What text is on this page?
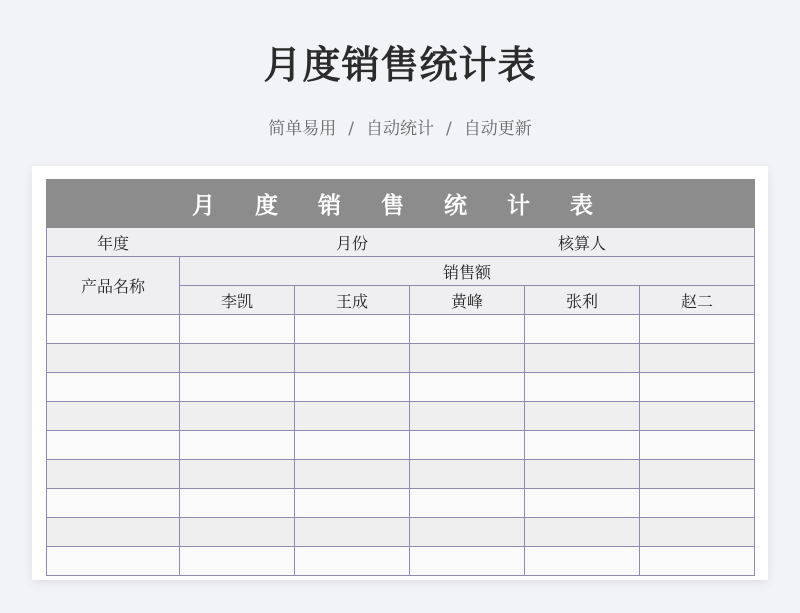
月度销售统计表
简单易用 / 自动统计 / 自动更新
月 度 销 售 统 计 表					
年度		月份		核算人	
产品名称	销售额				
	李凯	王成	黄峰	张利	赵二
